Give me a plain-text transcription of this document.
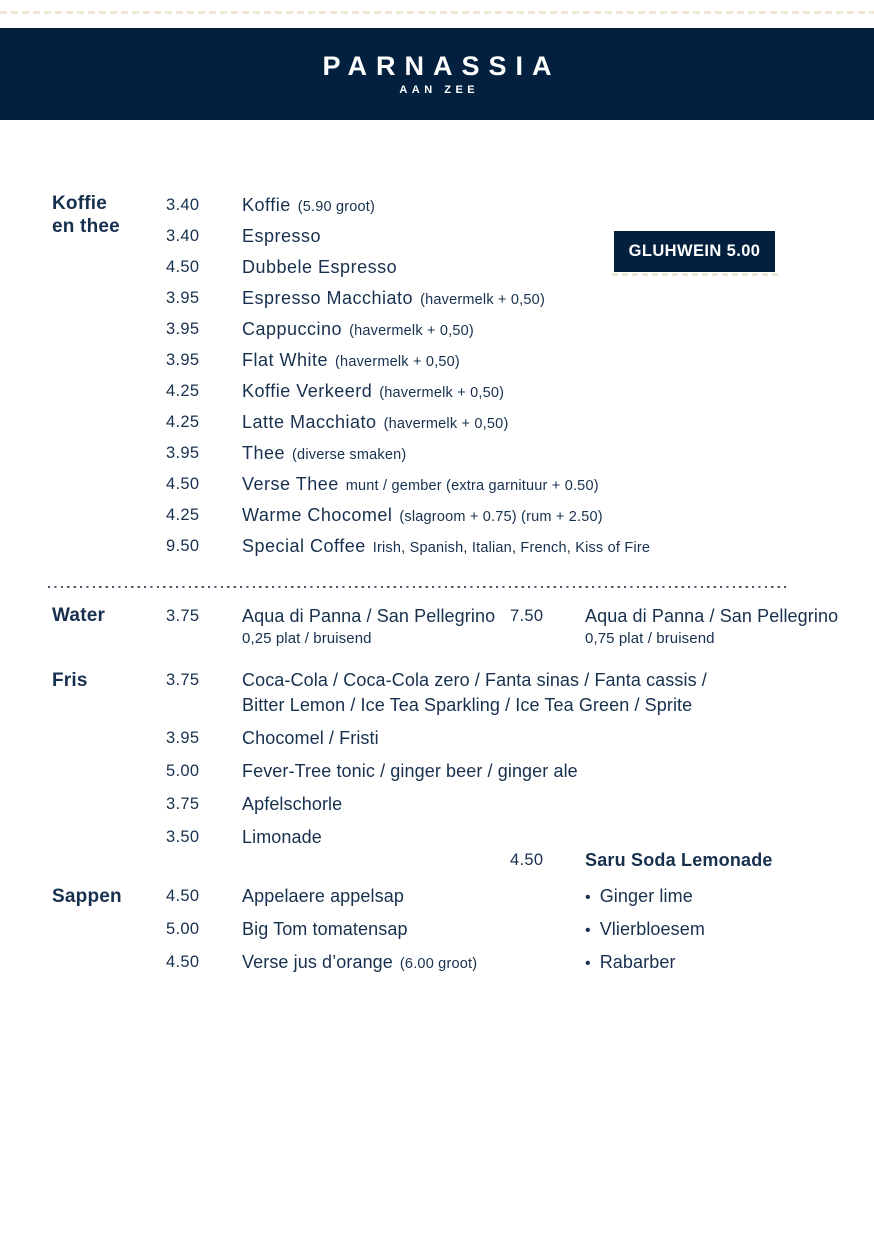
PARNASSIA
AAN ZEE
Koffie
en thee
3.40 Koffie (5.90 groot)
3.40 Espresso
4.50 Dubbele Espresso
3.95 Espresso Macchiato (havermelk + 0,50)
3.95 Cappuccino (havermelk + 0,50)
3.95 Flat White (havermelk + 0,50)
4.25 Koffie Verkeerd (havermelk + 0,50)
4.25 Latte Macchiato (havermelk + 0,50)
3.95 Thee (diverse smaken)
4.50 Verse Thee munt / gember (extra garnituur + 0.50)
4.25 Warme Chocomel (slagroom + 0.75) (rum + 2.50)
9.50 Special Coffee Irish, Spanish, Italian, French, Kiss of Fire
GLUHWEIN 5.00
Water	3.75 Aqua di Panna / San Pellegrino
0,25 plat / bruisend
7.50 Aqua di Panna / San Pellegrino
0,75 plat / bruisend
Fris	3.75 Coca-Cola / Coca-Cola zero / Fanta sinas / Fanta cassis /
Bitter Lemon / Ice Tea Sparkling / Ice Tea Green / Sprite
3.95 Chocomel / Fristi
5.00 Fever-Tree tonic / ginger beer / ginger ale
3.75 Apfelschorle
3.50 Limonade
4.50 Saru Soda Lemonade
Sappen	4.50 Appelaere appelsap	• Ginger lime
5.00 Big Tom tomatensap	• Vlierbloesem
4.50 Verse jus d’orange (6.00 groot)	• Rabarber
